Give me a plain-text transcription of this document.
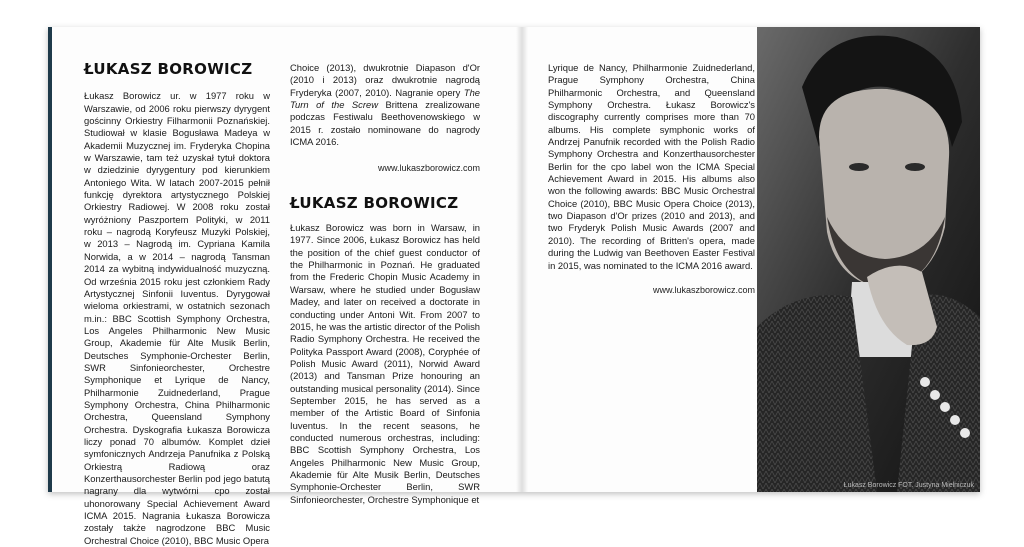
ŁUKASZ BOROWICZ

Łukasz Borowicz ur. w 1977 roku w Warszawie, od 2006 roku pierwszy dyrygent gościnny Orkiestry Filharmonii Poznańskiej. Studiował w klasie Bogusława Madeya w Akademii Muzycznej im. Fryderyka Chopina w Warszawie, tam też uzyskał tytuł doktora w dziedzinie dyrygentury pod kierunkiem Antoniego Wita. W latach 2007-2015 pełnił funkcję dyrektora artystycznego Polskiej Orkiestry Radiowej. W 2008 roku został wyróżniony Paszportem Polityki, w 2011 roku – nagrodą Koryfeusz Muzyki Polskiej, w 2013 – Nagrodą im. Cypriana Kamila Norwida, a w 2014 – nagrodą Tansman 2014 za wybitną indywidualność muzyczną. Od września 2015 roku jest członkiem Rady Artystycznej Sinfonii Iuventus. Dyrygował wieloma orkiestrami, w ostatnich sezonach m.in.: BBC Scottish Symphony Orchestra, Los Angeles Philharmonic New Music Group, Akademie für Alte Musik Berlin, Deutsches Symphonie-Orchester Berlin, SWR Sinfonieorchester, Orchestre Symphonique et Lyrique de Nancy, Philharmonie Zuidnederland, Prague Symphony Orchestra, China Philharmonic Orchestra, Queensland Symphony Orchestra. Dyskografia Łukasza Borowicza liczy ponad 70 albumów. Komplet dzieł symfonicznych Andrzeja Panufnika z Polską Orkiestrą Radiową oraz Konzerthausorchester Berlin pod jego batutą nagrany dla wytwórni cpo został uhonorowany Special Achievement Award ICMA 2015. Nagrania Łukasza Borowicza zostały także nagrodzone BBC Music Orchestral Choice (2010), BBC Music Opera

Choice (2013), dwukrotnie Diapason d'Or (2010 i 2013) oraz dwukrotnie nagrodą Fryderyka (2007, 2010). Nagranie opery The Turn of the Screw Brittena zrealizowane podczas Festiwalu Beethovenowskiego w 2015 r. zostało nominowane do nagrody ICMA 2016.

www.lukaszborowicz.com

ŁUKASZ BOROWICZ

Łukasz Borowicz was born in Warsaw, in 1977. Since 2006, Łukasz Borowicz has held the position of the chief guest conductor of the Philharmonic in Poznań. He graduated from the Frederic Chopin Music Academy in Warsaw, where he studied under Bogusław Madey, and later on received a doctorate in conducting under Antoni Wit. From 2007 to 2015, he was the artistic director of the Polish Radio Symphony Orchestra. He received the Polityka Passport Award (2008), Coryphée of Polish Music Award (2011), Norwid Award (2013) and Tansman Prize honouring an outstanding musical personality (2014). Since September 2015, he has served as a member of the Artistic Board of Sinfonia Iuventus. In the recent seasons, he conducted numerous orchestras, including: BBC Scottish Symphony Orchestra, Los Angeles Philharmonic New Music Group, Akademie für Alte Musik Berlin, Deutsches Symphonie-Orchester Berlin, SWR Sinfonieorchester, Orchestre Symphonique et

Lyrique de Nancy, Philharmonie Zuidnederland, Prague Symphony Orchestra, China Philharmonic Orchestra, and Queensland Symphony Orchestra. Łukasz Borowicz's discography currently comprises more than 70 albums. His complete symphonic works of Andrzej Panufnik recorded with the Polish Radio Symphony Orchestra and Konzerthausorchester Berlin for the cpo label won the ICMA Special Achievement Award in 2015. His albums also won the following awards: BBC Music Orchestral Choice (2010), BBC Music Opera Choice (2013), two Diapason d'Or prizes (2010 and 2013), and two Fryderyk Polish Music Awards (2007 and 2010). The recording of Britten's opera, made during the Ludwig van Beethoven Easter Festival in 2015, was nominated to the ICMA 2016 award.

www.lukaszborowicz.com

Łukasz Borowicz FOT. Justyna Mielniczuk
